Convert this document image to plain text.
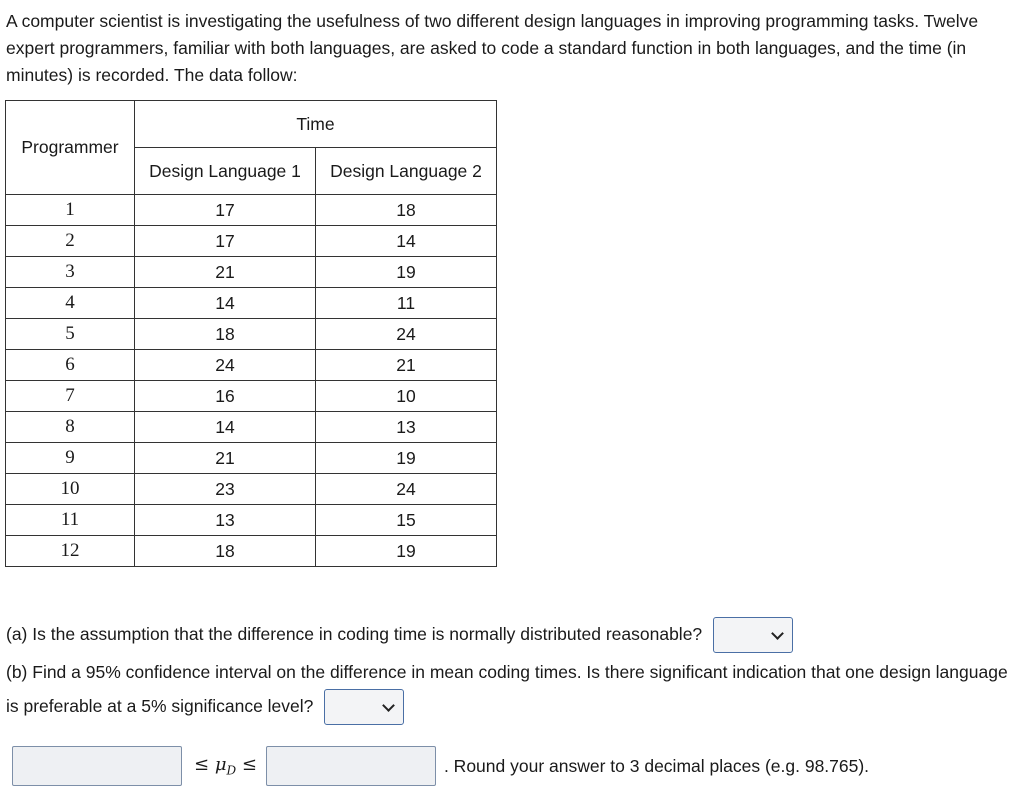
A computer scientist is investigating the usefulness of two different design languages in improving programming tasks. Twelve expert programmers, familiar with both languages, are asked to code a standard function in both languages, and the time (in minutes) is recorded. The data follow:

Programmer	Time	
	Design Language 1	Design Language 2
1	17	18
2	17	14
3	21	19
4	14	11
5	18	24
6	24	21
7	16	10
8	14	13
9	21	19
10	23	24
11	13	15
12	18	19

(a) Is the assumption that the difference in coding time is normally distributed reasonable?

(b) Find a 95% confidence interval on the difference in mean coding times. Is there significant indication that one design language is preferable at a 5% significance level?

≤ $\mu_D$ ≤	. Round your answer to 3 decimal places (e.g. 98.765).
